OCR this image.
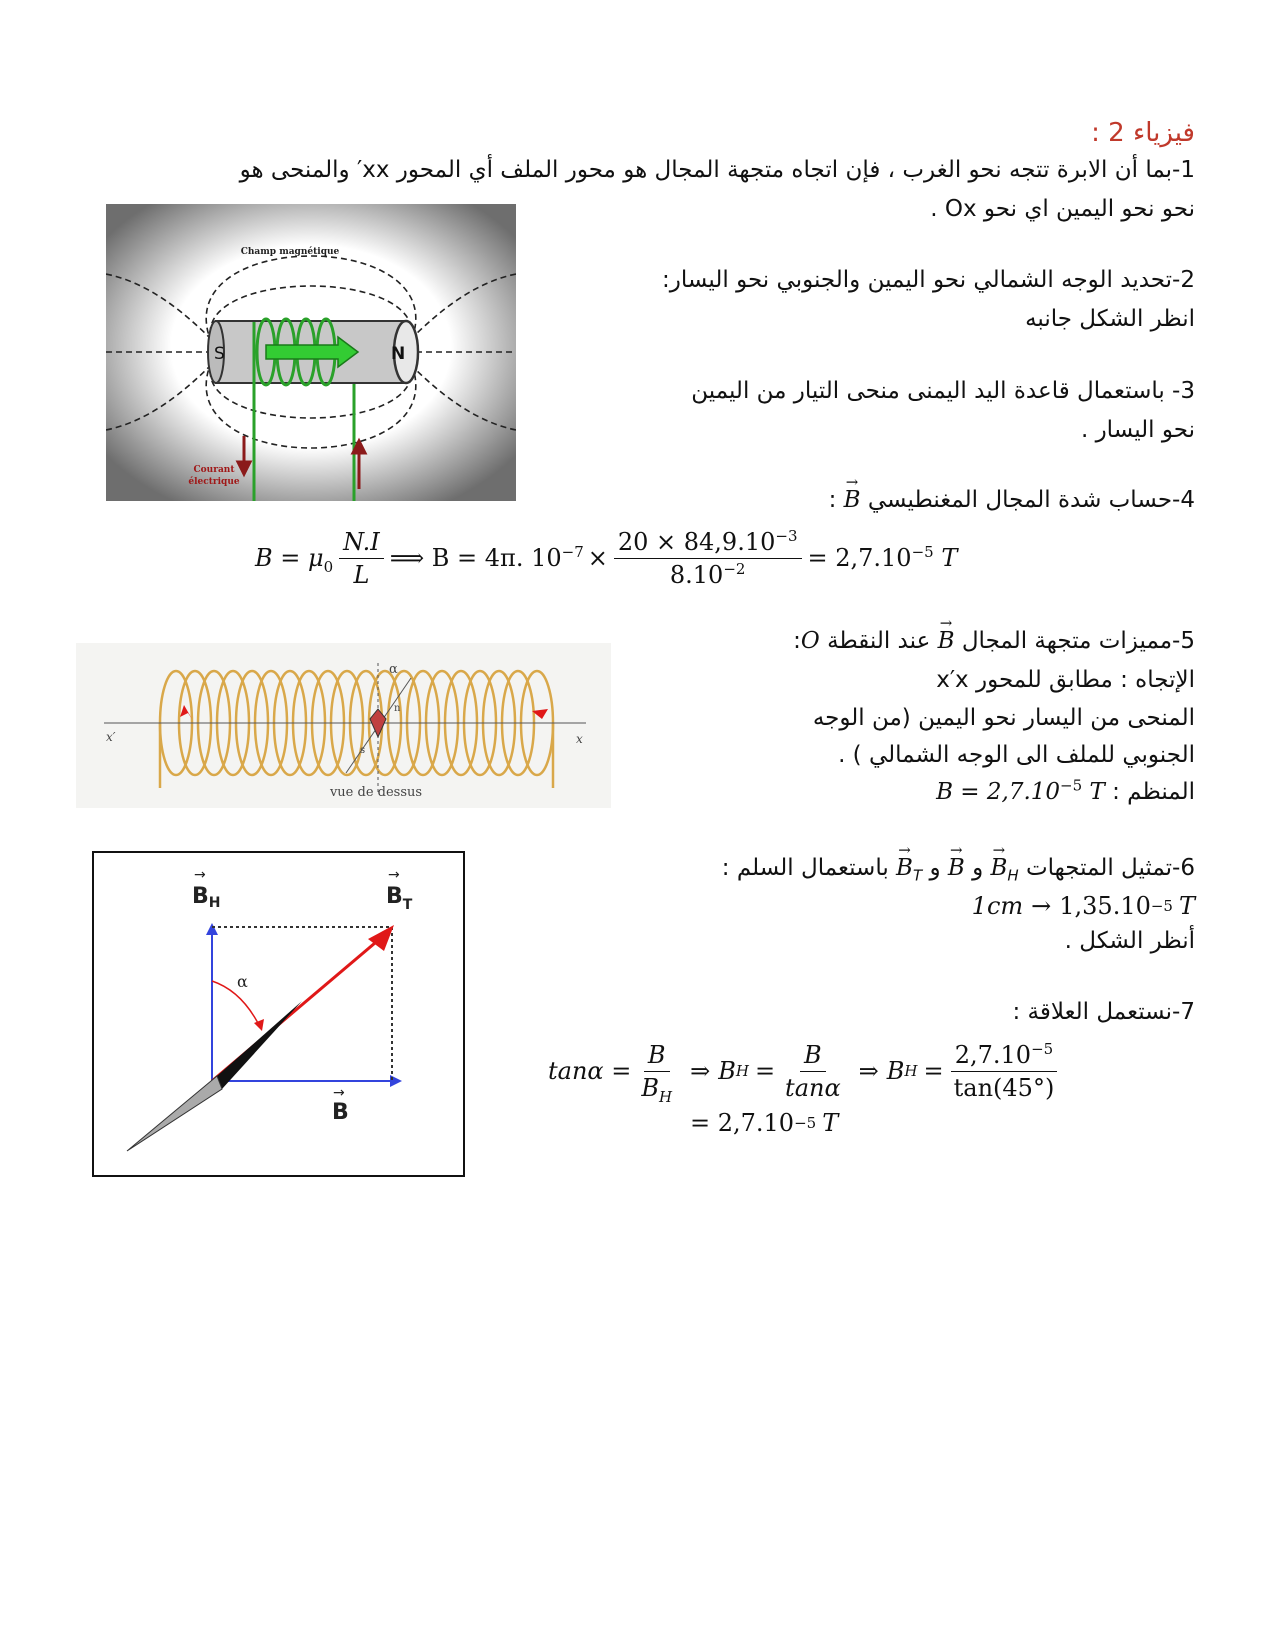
فيزياء 2 :
1-بما أن الابرة تتجه نحو الغرب ، فإن اتجاه متجهة المجال هو محور الملف أي المحور xx′ والمنحى هو
نحو نحو اليمين اي نحو Ox .
Champ magnétique
S	N
Courant
électrique
2-تحديد الوجه الشمالي نحو اليمين والجنوبي نحو اليسار:
انظر الشكل جانبه
3- باستعمال قاعدة اليد اليمنى منحى التيار من اليمين
نحو اليسار .
4-حساب شدة المجال المغنطيسي → B :
$B = \mu_0 \frac{N.I}{L}$ ⟹ B = 4π. $10^{-7} \times \frac{20 \times 84,9.10^{-3}}{8.10^{-2}} = 2,7.10^{-5}$ T
x′	x
α
n
s
vue de dessus
5-مميزات متجهة المجال → B عند النقطة O:
الإتجاه : مطابق للمحور x′x
المنحى من اليسار نحو اليمين (من الوجه
الجنوبي للملف الى الوجه الشمالي ) .
المنظم : $B = 2,7.10^{-5}$ T
α
BH
→
$B_T$
→
B
→
6-تمثيل المتجهات → $B_H$ و → B و → $B_T$ باستعمال السلم :
1cm → 1,35.10 −5 T
أنظر الشكل .
7-نستعمل العلاقة :
$\tan\alpha = \frac{B}{B_H}$ ⇒ B $H = \frac{B}{\tan\alpha}$ ⇒ B $H = \frac{2,7.10^{-5}}{\tan(45^\circ)}$
= 2,7.10 −5 T
